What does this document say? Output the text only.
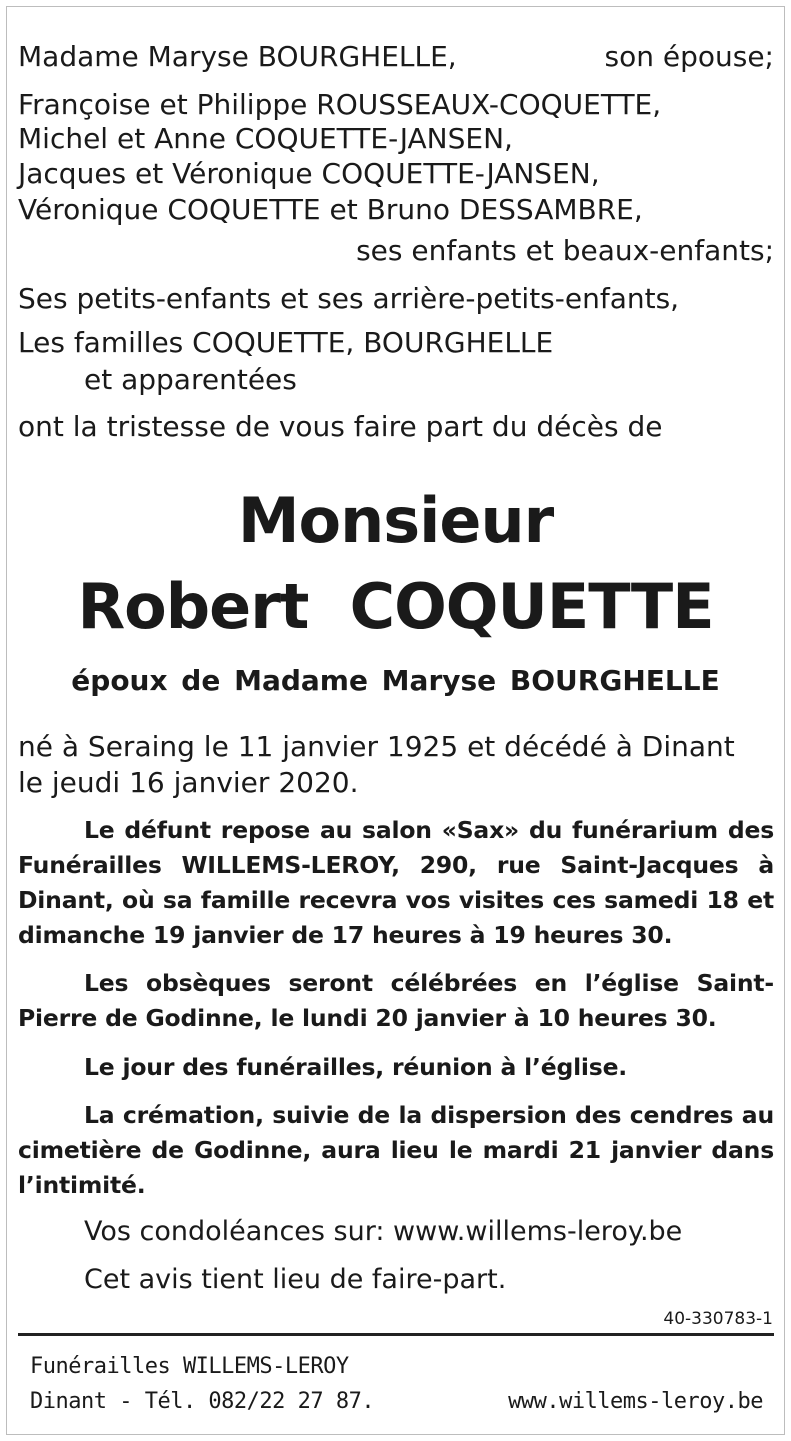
Madame Maryse BOURGHELLE,	son épouse;
Françoise et Philippe ROUSSEAUX-COQUETTE,
Michel et Anne COQUETTE-JANSEN,
Jacques et Véronique COQUETTE-JANSEN,
Véronique COQUETTE et Bruno DESSAMBRE,
ses enfants et beaux-enfants;
Ses petits-enfants et ses arrière-petits-enfants,
Les familles COQUETTE, BOURGHELLE
et apparentées
ont la tristesse de vous faire part du décès de
Monsieur
Robert  COQUETTE
époux de Madame Maryse BOURGHELLE
né à Seraing le 11 janvier 1925 et décédé à Dinant
le jeudi 16 janvier 2020.
Le défunt repose au salon «Sax» du funérarium des Funérailles WILLEMS-LEROY, 290, rue Saint-Jacques à Dinant, où sa famille recevra vos visites ces samedi 18 et dimanche 19 janvier de 17 heures à 19 heures 30.
Les obsèques seront célébrées en l’église Saint-Pierre de Godinne, le lundi 20 janvier à 10 heures 30.
Le jour des funérailles, réunion à l’église.
La crémation, suivie de la dispersion des cendres au cimetière de Godinne, aura lieu le mardi 21 janvier dans l’intimité.
Vos condoléances sur: www.willems-leroy.be
Cet avis tient lieu de faire-part.
40-330783-1
Funérailles WILLEMS-LEROY
Dinant - Tél. 082/22 27 87.	www.willems-leroy.be
